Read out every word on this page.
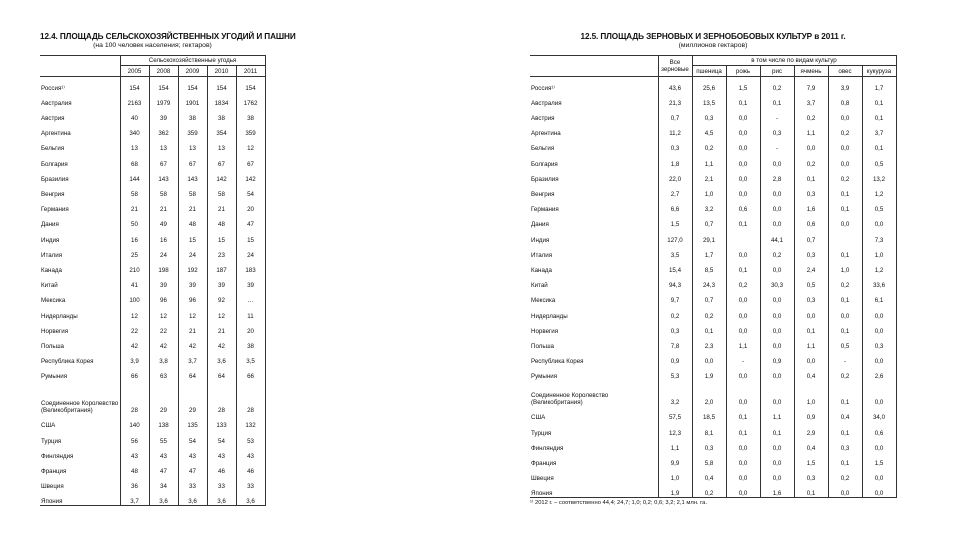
12.4. ПЛОЩАДЬ СЕЛЬСКОХОЗЯЙСТВЕННЫХ УГОДИЙ И ПАШНИ
(на 100 человек населения; гектаров)
	Сельскохозяйственные угодья				
	2005	2008	2009	2010	2011
Россия¹⁾	154	154	154	154	154
Австралия	2163	1979	1901	1834	1762
Австрия	40	39	38	38	38
Аргентина	340	362	359	354	359
Бельгия	13	13	13	13	12
Болгария	68	67	67	67	67
Бразилия	144	143	143	142	142
Венгрия	58	58	58	58	54
Германия	21	21	21	21	20
Дания	50	49	48	48	47
Индия	16	16	15	15	15
Италия	25	24	24	23	24
Канада	210	198	192	187	183
Китай	41	39	39	39	39
Мексика	100	96	96	92	…
Нидерланды	12	12	12	12	11
Норвегия	22	22	21	21	20
Польша	42	42	42	42	38
Республика Корея	3,9	3,8	3,7	3,6	3,5
Румыния	66	63	64	64	66
Соединенное Королевство (Великобритания)	28	29	29	28	28
США	140	138	135	133	132
Турция	56	55	54	54	53
Финляндия	43	43	43	43	43
Франция	48	47	47	46	46
Швеция	36	34	33	33	33
Япония	3,7	3,6	3,6	3,6	3,6
12.5. ПЛОЩАДЬ ЗЕРНОВЫХ И ЗЕРНОБОБОВЫХ КУЛЬТУР в 2011 г.
(миллионов гектаров)
	Все зерновые	в том числе по видам культур					
		пшеница	рожь	рис	ячмень	овес	кукуруза
Россия¹⁾	43,6	25,6	1,5	0,2	7,9	3,9	1,7
Австралия	21,3	13,5	0,1	0,1	3,7	0,8	0,1
Австрия	0,7	0,3	0,0	-	0,2	0,0	0,1
Аргентина	11,2	4,5	0,0	0,3	1,1	0,2	3,7
Бельгия	0,3	0,2	0,0	-	0,0	0,0	0,1
Болгария	1,8	1,1	0,0	0,0	0,2	0,0	0,5
Бразилия	22,0	2,1	0,0	2,8	0,1	0,2	13,2
Венгрия	2,7	1,0	0,0	0,0	0,3	0,1	1,2
Германия	6,6	3,2	0,6	0,0	1,6	0,1	0,5
Дания	1,5	0,7	0,1	0,0	0,6	0,0	0,0
Индия	127,0	29,1		44,1	0,7		7,3
Италия	3,5	1,7	0,0	0,2	0,3	0,1	1,0
Канада	15,4	8,5	0,1	0,0	2,4	1,0	1,2
Китай	94,3	24,3	0,2	30,3	0,5	0,2	33,6
Мексика	9,7	0,7	0,0	0,0	0,3	0,1	6,1
Нидерланды	0,2	0,2	0,0	0,0	0,0	0,0	0,0
Норвегия	0,3	0,1	0,0	0,0	0,1	0,1	0,0
Польша	7,8	2,3	1,1	0,0	1,1	0,5	0,3
Республика Корея	0,9	0,0	-	0,9	0,0	-	0,0
Румыния	5,3	1,9	0,0	0,0	0,4	0,2	2,6
Соединенное Королевство (Великобритания)	3,2	2,0	0,0	0,0	1,0	0,1	0,0
США	57,5	18,5	0,1	1,1	0,9	0,4	34,0
Турция	12,3	8,1	0,1	0,1	2,9	0,1	0,6
Финляндия	1,1	0,3	0,0	0,0	0,4	0,3	0,0
Франция	9,9	5,8	0,0	0,0	1,5	0,1	1,5
Швеция	1,0	0,4	0,0	0,0	0,3	0,2	0,0
Япония	1,9	0,2	0,0	1,6	0,1	0,0	0,0
¹⁾ 2012 г. – соответственно 44,4; 24,7; 1,0; 0,2; 0,6; 3,2; 2,1 млн. га.
